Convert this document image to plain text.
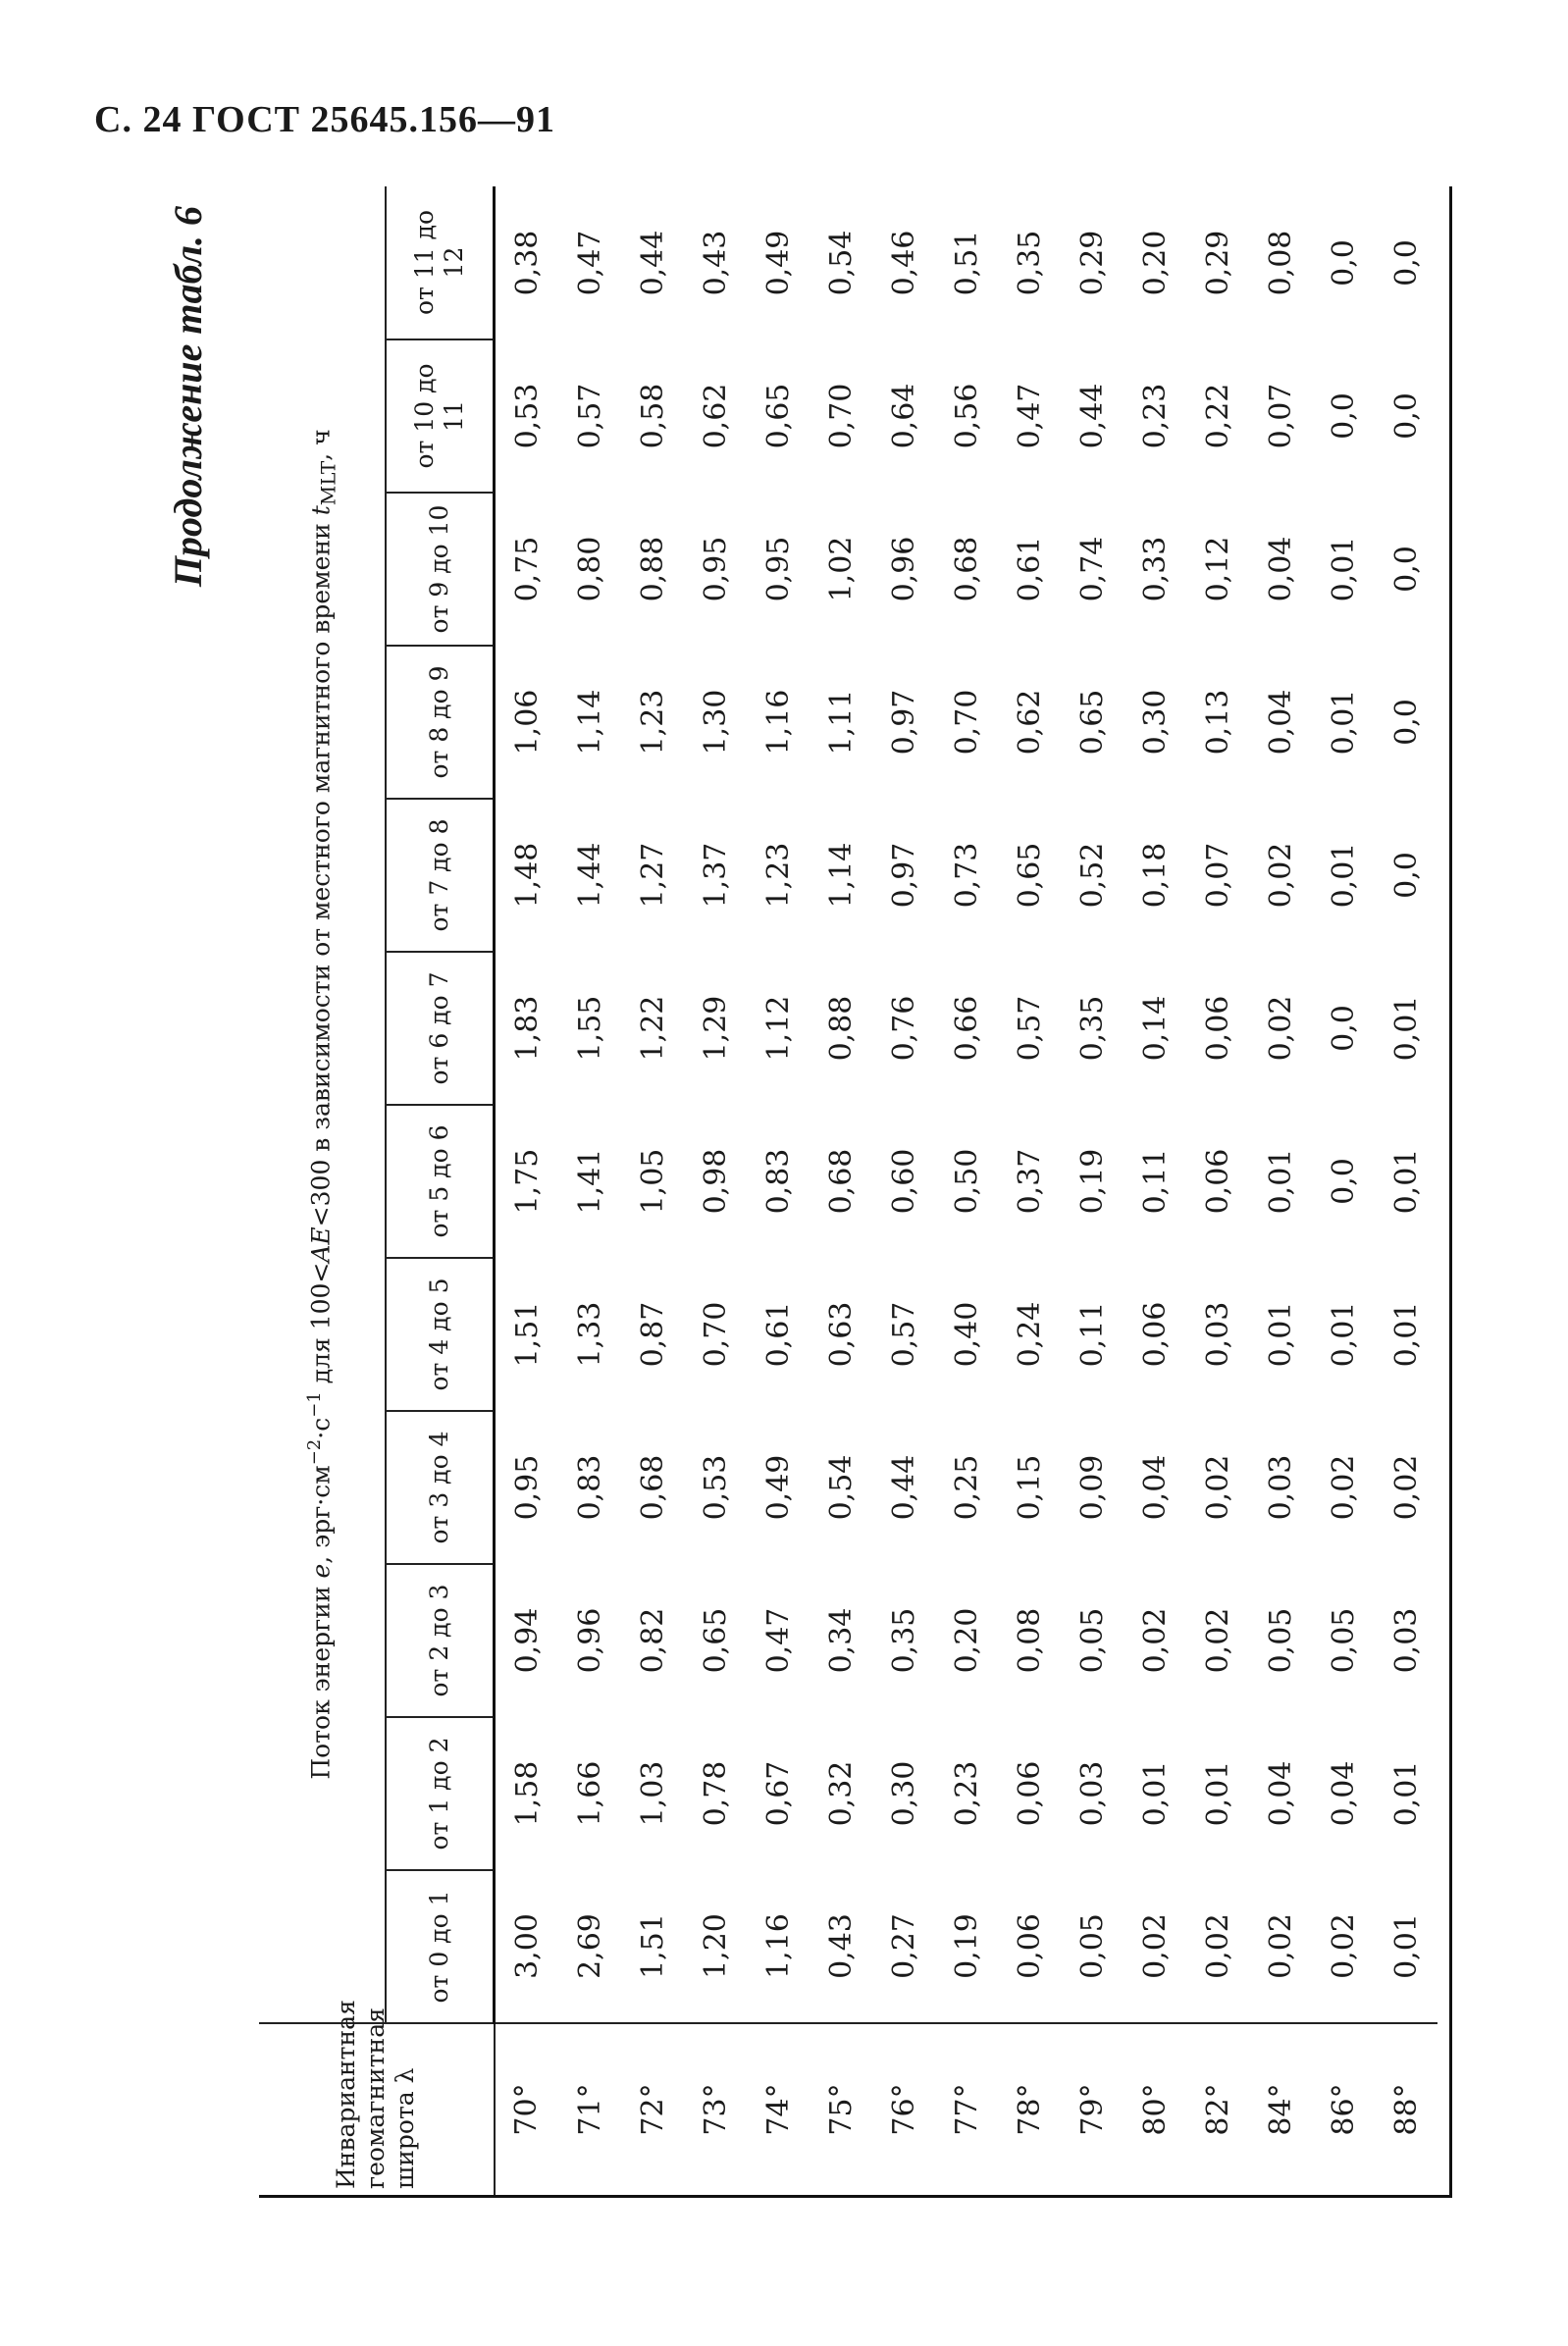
С. 24 ГОСТ 25645.156—91
Продолжение табл. 6
Инвариантная геомагнитная широта λ	Поток энергии e, $эрг\cdot см^{-2}\cdot с^{-1}$ для 100<AE<300 в зависимости от местного магнитного времени $t_{MLT}$, ч											
	от 0 до 1	от 1 до 2	от 2 до 3	от 3 до 4	от 4 до 5	от 5 до 6	от 6 до 7	от 7 до 8	от 8 до 9	от 9 до 10	от 10 до 11	от 11 до 12
70°	3,00	1,58	0,94	0,95	1,51	1,75	1,83	1,48	1,06	0,75	0,53	0,38
71°	2,69	1,66	0,96	0,83	1,33	1,41	1,55	1,44	1,14	0,80	0,57	0,47
72°	1,51	1,03	0,82	0,68	0,87	1,05	1,22	1,27	1,23	0,88	0,58	0,44
73°	1,20	0,78	0,65	0,53	0,70	0,98	1,29	1,37	1,30	0,95	0,62	0,43
74°	1,16	0,67	0,47	0,49	0,61	0,83	1,12	1,23	1,16	0,95	0,65	0,49
75°	0,43	0,32	0,34	0,54	0,63	0,68	0,88	1,14	1,11	1,02	0,70	0,54
76°	0,27	0,30	0,35	0,44	0,57	0,60	0,76	0,97	0,97	0,96	0,64	0,46
77°	0,19	0,23	0,20	0,25	0,40	0,50	0,66	0,73	0,70	0,68	0,56	0,51
78°	0,06	0,06	0,08	0,15	0,24	0,37	0,57	0,65	0,62	0,61	0,47	0,35
79°	0,05	0,03	0,05	0,09	0,11	0,19	0,35	0,52	0,65	0,74	0,44	0,29
80°	0,02	0,01	0,02	0,04	0,06	0,11	0,14	0,18	0,30	0,33	0,23	0,20
82°	0,02	0,01	0,02	0,02	0,03	0,06	0,06	0,07	0,13	0,12	0,22	0,29
84°	0,02	0,04	0,05	0,03	0,01	0,01	0,02	0,02	0,04	0,04	0,07	0,08
86°	0,02	0,04	0,05	0,02	0,01	0,0	0,0	0,01	0,01	0,01	0,0	0,0
88°	0,01	0,01	0,03	0,02	0,01	0,01	0,01	0,0	0,0	0,0	0,0	0,0
